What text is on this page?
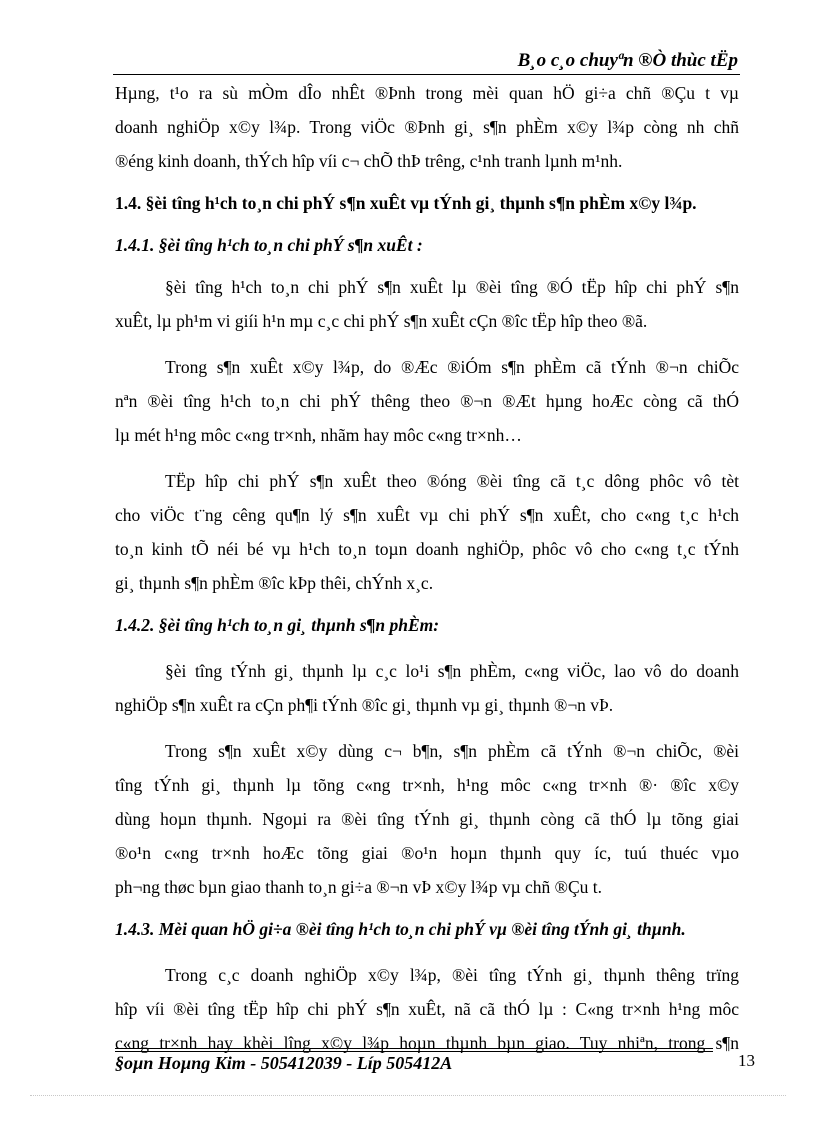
B¸o c¸o chuyªn ®Ò thùc tËp
Hµng, t¹o ra sù mÒm dÎo nhÊt ®Þnh trong mèi quan hÖ gi÷a chñ ®Çu t vµ
doanh nghiÖp x©y l¾p. Trong viÖc ®Þnh gi¸ s¶n phÈm x©y l¾p còng nh chñ
®éng kinh doanh, thÝch hîp víi c¬ chÕ thÞ trêng, c¹nh tranh lµnh m¹nh.
1.4. §èi tîng h¹ch to¸n chi phÝ s¶n xuÊt vµ tÝnh gi¸ thµnh s¶n phÈm x©y l¾p.
1.4.1. §èi tîng h¹ch to¸n chi phÝ s¶n xuÊt :
§èi tîng h¹ch to¸n chi phÝ s¶n xuÊt lµ ®èi tîng ®Ó tËp hîp chi phÝ s¶n
xuÊt, lµ ph¹m vi giíi h¹n mµ c¸c chi phÝ s¶n xuÊt cÇn ®îc tËp hîp theo ®ã.
Trong s¶n xuÊt x©y l¾p, do ®Æc ®iÓm s¶n phÈm cã tÝnh ®¬n chiÕc
nªn ®èi tîng h¹ch to¸n chi phÝ thêng theo ®¬n ®Æt hµng hoÆc còng cã thÓ
lµ mét h¹ng môc c«ng tr×nh, nhãm hay môc c«ng tr×nh…
TËp hîp chi phÝ s¶n xuÊt theo ®óng ®èi tîng cã t¸c dông phôc vô tèt
cho viÖc t¨ng cêng qu¶n lý s¶n xuÊt vµ chi phÝ s¶n xuÊt, cho c«ng t¸c h¹ch
to¸n kinh tÕ néi bé vµ h¹ch to¸n toµn doanh nghiÖp, phôc vô cho c«ng t¸c tÝnh
gi¸ thµnh s¶n phÈm ®îc kÞp thêi, chÝnh x¸c.
1.4.2. §èi tîng h¹ch to¸n gi¸ thµnh s¶n phÈm:
§èi tîng tÝnh gi¸ thµnh lµ c¸c lo¹i s¶n phÈm, c«ng viÖc, lao vô do doanh
nghiÖp s¶n xuÊt ra cÇn ph¶i tÝnh ®îc gi¸ thµnh vµ gi¸ thµnh ®¬n vÞ.
Trong s¶n xuÊt x©y dùng c¬ b¶n, s¶n phÈm cã tÝnh ®¬n chiÕc, ®èi
tîng tÝnh gi¸ thµnh lµ tõng c«ng tr×nh, h¹ng môc c«ng tr×nh ®· ®îc x©y
dùng hoµn thµnh. Ngoµi ra ®èi tîng tÝnh gi¸ thµnh còng cã thÓ lµ tõng giai
®o¹n c«ng tr×nh hoÆc tõng giai ®o¹n hoµn thµnh quy íc, tuú thuéc vµo
ph¬ng thøc bµn giao thanh to¸n gi÷a ®¬n vÞ x©y l¾p vµ chñ ®Çu t.
1.4.3. Mèi quan hÖ gi÷a ®èi tîng h¹ch to¸n chi phÝ vµ ®èi tîng tÝnh gi¸ thµnh.
Trong c¸c doanh nghiÖp x©y l¾p, ®èi tîng tÝnh gi¸ thµnh thêng trïng
hîp víi ®èi tîng tËp hîp chi phÝ s¶n xuÊt, nã cã thÓ lµ : C«ng tr×nh h¹ng môc
c«ng tr×nh hay khèi lîng x©y l¾p hoµn thµnh bµn giao. Tuy nhiªn, trong s¶n
§oµn Hoµng Kim - 505412039 - Líp 505412A	13
